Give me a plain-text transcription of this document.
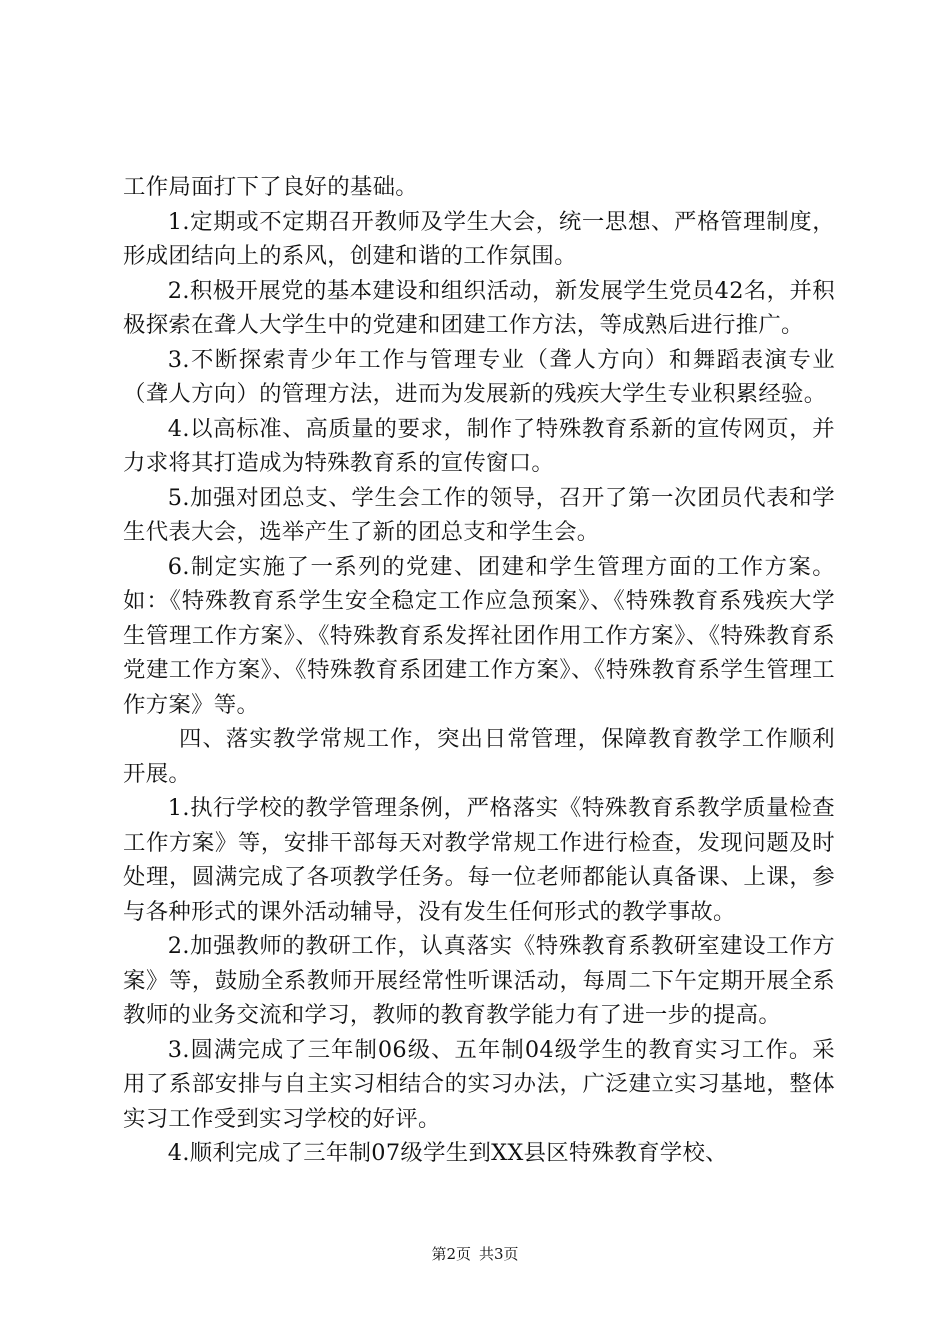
工作局面打下了良好的基础。

1.定期或不定期召开教师及学生大会，统一思想、严格管理制度，形成团结向上的系风，创建和谐的工作氛围。

2.积极开展党的基本建设和组织活动，新发展学生党员42名，并积极探索在聋人大学生中的党建和团建工作方法，等成熟后进行推广。

3.不断探索青少年工作与管理专业（聋人方向）和舞蹈表演专业（聋人方向）的管理方法，进而为发展新的残疾大学生专业积累经验。

4.以高标准、高质量的要求，制作了特殊教育系新的宣传网页，并力求将其打造成为特殊教育系的宣传窗口。

5.加强对团总支、学生会工作的领导，召开了第一次团员代表和学生代表大会，选举产生了新的团总支和学生会。

6.制定实施了一系列的党建、团建和学生管理方面的工作方案。如：《特殊教育系学生安全稳定工作应急预案》、《特殊教育系残疾大学生管理工作方案》、《特殊教育系发挥社团作用工作方案》、《特殊教育系党建工作方案》、《特殊教育系团建工作方案》、《特殊教育系学生管理工作方案》等。

四、落实教学常规工作，突出日常管理，保障教育教学工作顺利开展。

1.执行学校的教学管理条例，严格落实《特殊教育系教学质量检查工作方案》等，安排干部每天对教学常规工作进行检查，发现问题及时处理，圆满完成了各项教学任务。每一位老师都能认真备课、上课，参与各种形式的课外活动辅导，没有发生任何形式的教学事故。

2.加强教师的教研工作，认真落实《特殊教育系教研室建设工作方案》等，鼓励全系教师开展经常性听课活动，每周二下午定期开展全系教师的业务交流和学习，教师的教育教学能力有了进一步的提高。

3.圆满完成了三年制06级、五年制04级学生的教育实习工作。采用了系部安排与自主实习相结合的实习办法，广泛建立实习基地，整体实习工作受到实习学校的好评。

4.顺利完成了三年制07级学生到XX县区特殊教育学校、

第2页 共3页
